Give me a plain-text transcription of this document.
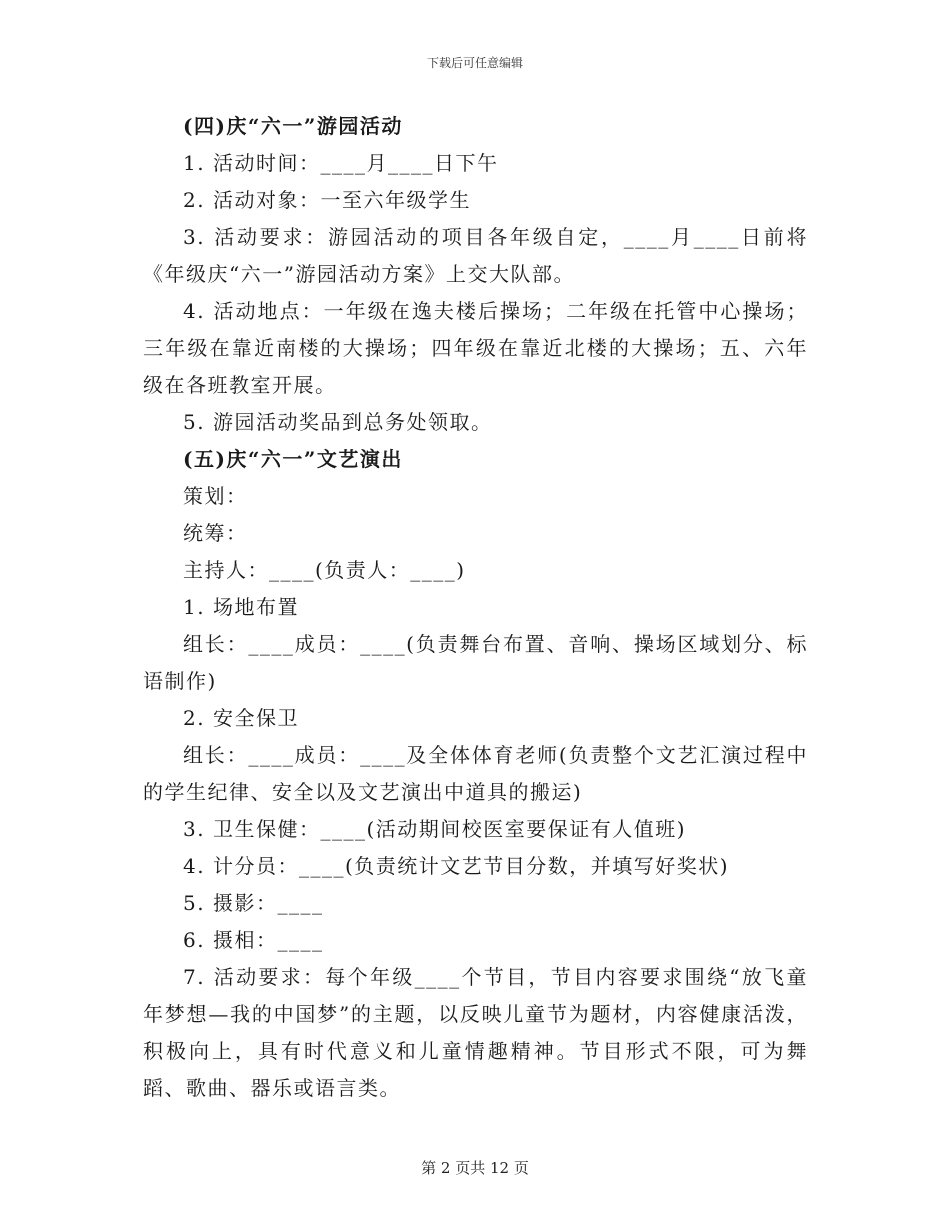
下载后可任意编辑

(四)庆“六一”游园活动

1. 活动时间：____月____日下午

2. 活动对象：一至六年级学生

3. 活动要求：游园活动的项目各年级自定，____月____日前将《年级庆“六一”游园活动方案》上交大队部。

4. 活动地点：一年级在逸夫楼后操场；二年级在托管中心操场；三年级在靠近南楼的大操场；四年级在靠近北楼的大操场；五、六年级在各班教室开展。

5. 游园活动奖品到总务处领取。

(五)庆“六一”文艺演出

策划：

统筹：

主持人：____(负责人：____)

1. 场地布置

组长：____成员：____(负责舞台布置、音响、操场区域划分、标语制作)

2. 安全保卫

组长：____成员：____及全体体育老师(负责整个文艺汇演过程中的学生纪律、安全以及文艺演出中道具的搬运)

3. 卫生保健：____(活动期间校医室要保证有人值班)

4. 计分员：____(负责统计文艺节目分数，并填写好奖状)

5. 摄影：____

6. 摄相：____

7. 活动要求：每个年级____个节目，节目内容要求围绕“放飞童年梦想—我的中国梦”的主题，以反映儿童节为题材，内容健康活泼，积极向上，具有时代意义和儿童情趣精神。节目形式不限，可为舞蹈、歌曲、器乐或语言类。

第 2 页共 12 页
